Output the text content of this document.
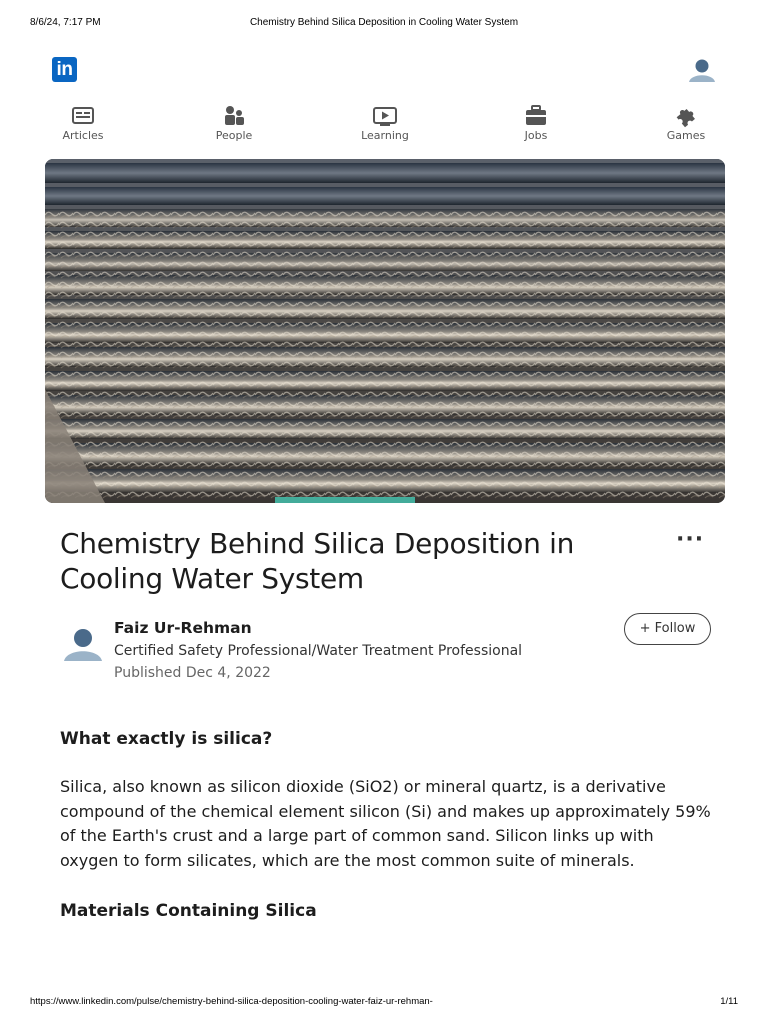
8/6/24, 7:17 PM	Chemistry Behind Silica Deposition in Cooling Water System
in
Articles	People	Learning	Jobs	Games
Chemistry Behind Silica Deposition in Cooling Water System
···
Faiz Ur-Rehman
Certified Safety Professional/Water Treatment Professional
Published Dec 4, 2022
+ Follow
What exactly is silica?

Silica, also known as silicon dioxide (SiO2) or mineral quartz, is a derivative compound of the chemical element silicon (Si) and makes up approximately 59% of the Earth's crust and a large part of common sand. Silicon links up with oxygen to form silicates, which are the most common suite of minerals.

Materials Containing Silica
https://www.linkedin.com/pulse/chemistry-behind-silica-deposition-cooling-water-faiz-ur-rehman-	1/11
